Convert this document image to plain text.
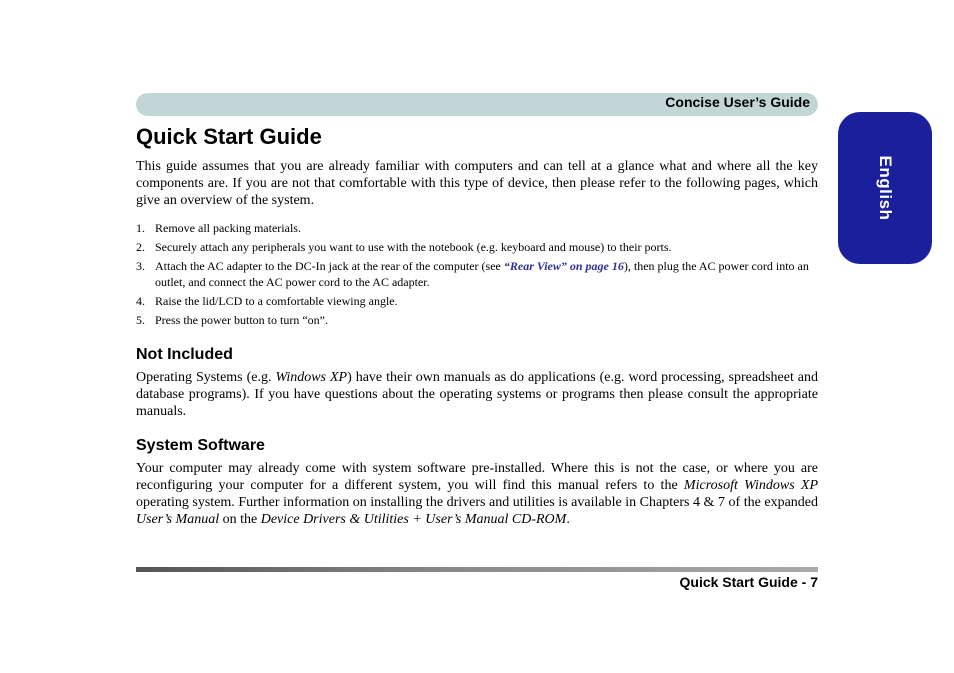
Concise User’s Guide
English
Quick Start Guide

This guide assumes that you are already familiar with computers and can tell at a glance what and where all the key components are. If you are not that comfortable with this type of device, then please refer to the following pages, which give an overview of the system.

1. Remove all packing materials.
2. Securely attach any peripherals you want to use with the notebook (e.g. keyboard and mouse) to their ports.
3. Attach the AC adapter to the DC-In jack at the rear of the computer (see “Rear View” on page 16), then plug the AC power cord into an outlet, and connect the AC power cord to the AC adapter.
4. Raise the lid/LCD to a comfortable viewing angle.
5. Press the power button to turn “on”.
Not Included

Operating Systems (e.g. Windows XP) have their own manuals as do applications (e.g. word processing, spreadsheet and database programs). If you have questions about the operating systems or programs then please consult the appropriate manuals.

System Software

Your computer may already come with system software pre-installed. Where this is not the case, or where you are reconfiguring your computer for a different system, you will find this manual refers to the Microsoft Windows XP operating system. Further information on installing the drivers and utilities is available in Chapters 4 & 7 of the expanded User’s Manual on the Device Drivers & Utilities + User’s Manual CD-ROM.

Quick Start Guide - 7
